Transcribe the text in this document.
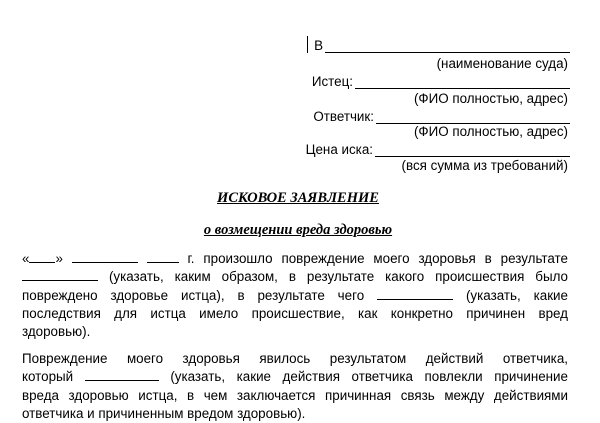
В
(наименование суда)
Истец:
(ФИО полностью, адрес)
Ответчик:
(ФИО полностью, адрес)
Цена иска:
(вся сумма из требований)
ИСКОВОЕ ЗАЯВЛЕНИЕ
о возмещении вреда здоровью
« »	г. произошло повреждение моего здоровья в результате
(указать, каким образом, в результате какого происшествия было
повреждено здоровье истца), в результате чего	(указать, какие
последствия для истца имело происшествие, как конкретно причинен вред
здоровью).
Повреждение моего здоровья явилось результатом действий ответчика,
который	(указать, какие действия ответчика повлекли причинение
вреда здоровью истца, в чем заключается причинная связь между действиями
ответчика и причиненным вредом здоровью).
